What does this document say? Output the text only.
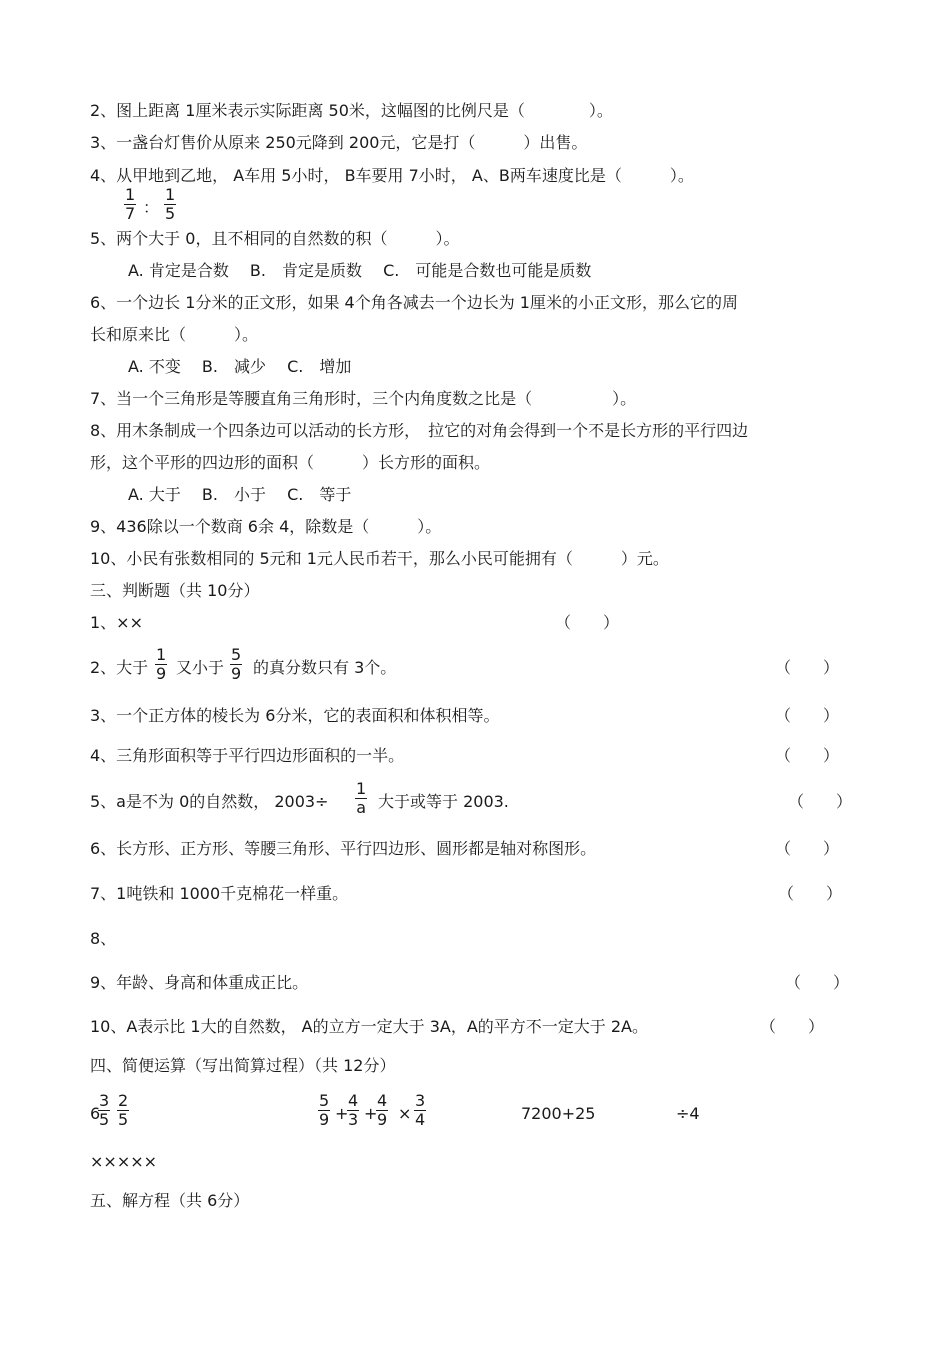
2、图上距离 1厘米表示实际距离 50米，这幅图的比例尺是（　　　　）。
3、一盏台灯售价从原来 250元降到 200元，它是打（　　　）出售。
4、从甲地到乙地， A车用 5小时， B车要用 7小时， A、B两车速度比是（　　　）。
$\frac{1}{7}$ ： $\frac{1}{5}$
5、两个大于 0，且不相同的自然数的积（　　　）。
A. 肯定是合数　 B.　肯定是质数　 C.　可能是合数也可能是质数
6、一个边长 1分米的正文形，如果 4个角各减去一个边长为 1厘米的小正文形，那么它的周
长和原来比（　　　）。
A. 不变　 B.　减少　 C.　增加
7、当一个三角形是等腰直角三角形时，三个内角度数之比是（　　　　　）。
8、用木条制成一个四条边可以活动的长方形，　拉它的对角会得到一个不是长方形的平行四边
形，这个平形的四边形的面积（　　　）长方形的面积。
A. 大于　 B.　小于　 C.　等于
9、436除以一个数商 6余 4，除数是（　　　）。
10、小民有张数相同的 5元和 1元人民币若干，那么小民可能拥有（　　　）元。
三、判断题（共 10分）
1、××	（　　）
2、大于 $\frac{1}{9}$ 又小于 $\frac{5}{9}$ 的真分数只有 3个。	（　　）
3、一个正方体的棱长为 6分米，它的表面积和体积相等。	（　　）
4、三角形面积等于平行四边形面积的一半。	（　　）
5、a是不为 0的自然数， $2003\div \frac{1}{a}$ 大于或等于 2003.	（　　）
6、长方形、正方形、等腰三角形、平行四边形、圆形都是轴对称图形。	（　　）
7、1吨铁和 1000千克棉花一样重。	（　　）
8、
9、年龄、身高和体重成正比。	（　　）
10、A表示比 1大的自然数， A的立方一定大于 3A，A的平方不一定大于 2A。	（　　）
四、简便运算（写出简算过程）（共 12分）
6
$\frac{3}{5} \frac{2}{5}$	$\frac{5}{9}$ +
$\frac{4}{3}$ +
$\frac{4}{9} \times \frac{3}{4}$	7200+25	÷4
×××××
五、解方程（共 6分）
